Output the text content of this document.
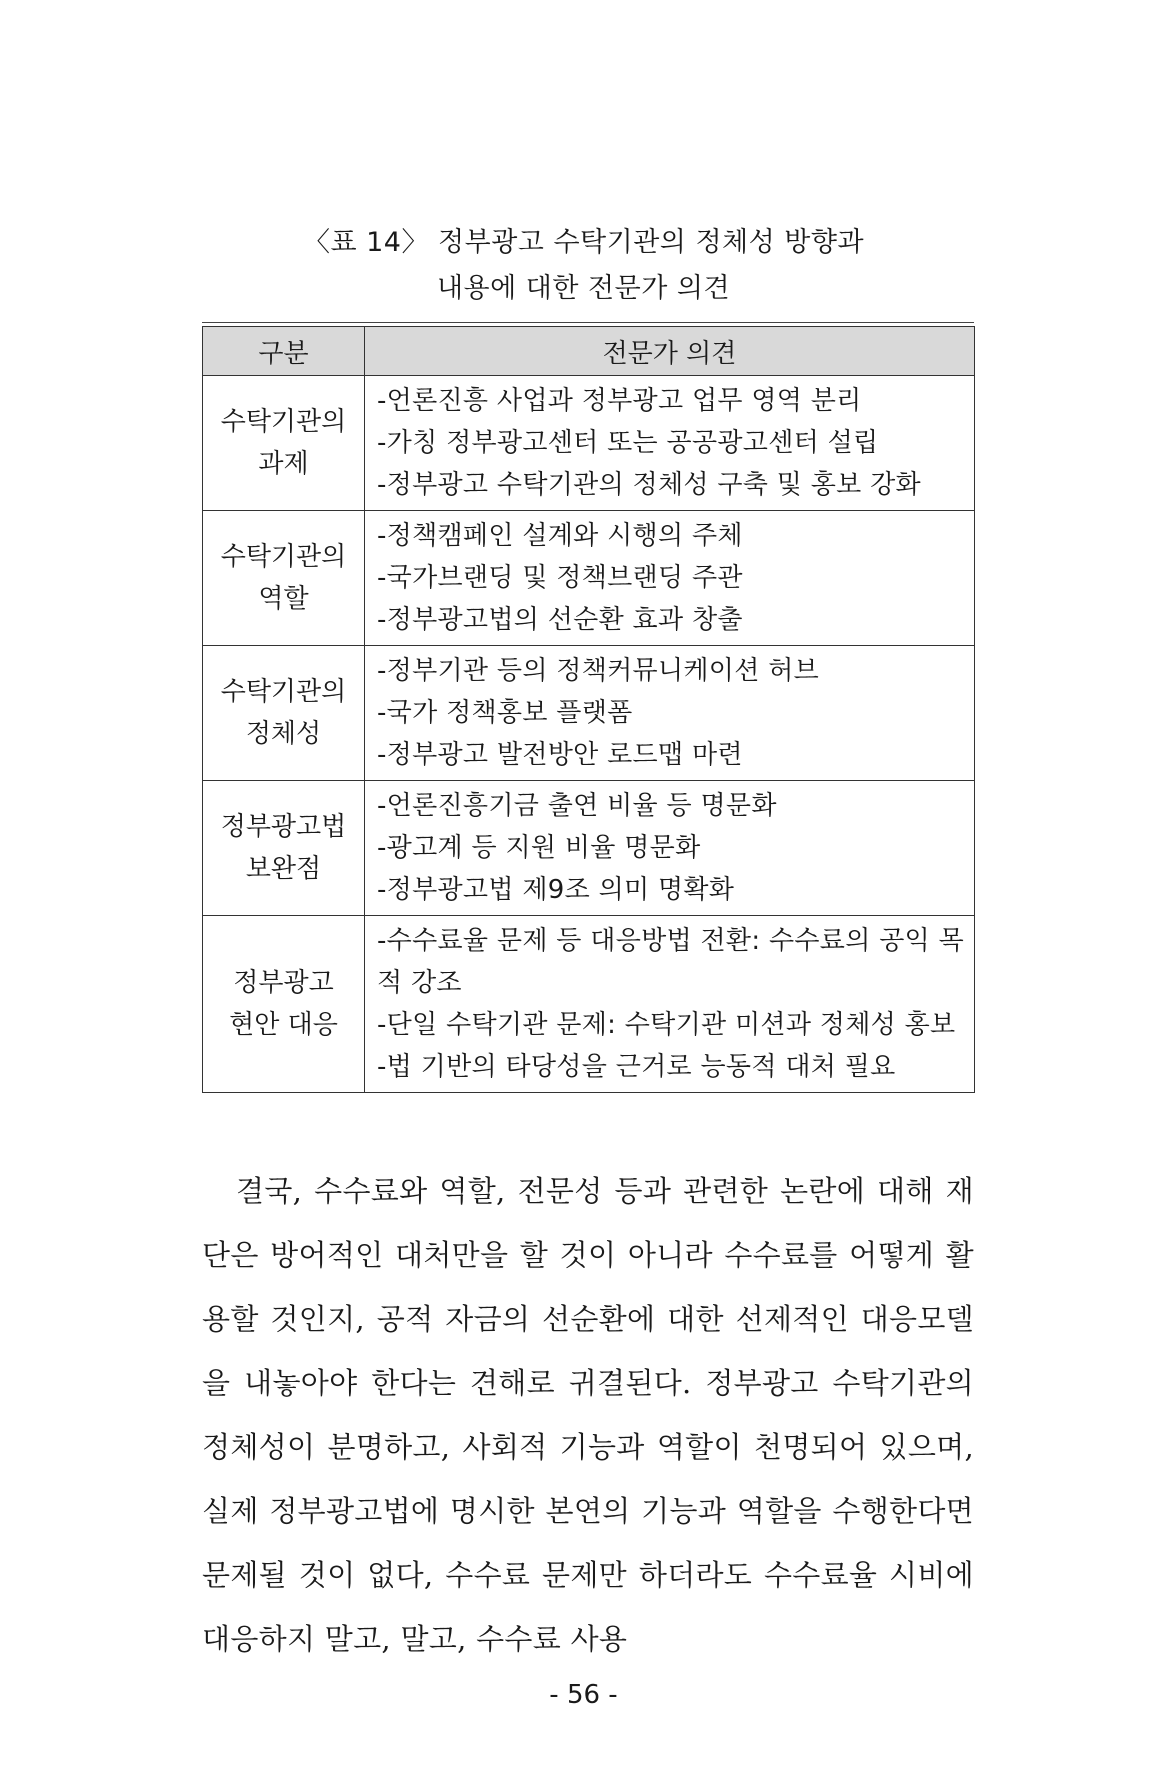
〈표 14〉 정부광고 수탁기관의 정체성 방향과
내용에 대한 전문가 의견
구분	전문가 의견
수탁기관의
과제	-언론진흥 사업과 정부광고 업무 영역 분리
-가칭 정부광고센터 또는 공공광고센터 설립
-정부광고 수탁기관의 정체성 구축 및 홍보 강화

수탁기관의
역할	-정책캠페인 설계와 시행의 주체
-국가브랜딩 및 정책브랜딩 주관
-정부광고법의 선순환 효과 창출

수탁기관의
정체성	-정부기관 등의 정책커뮤니케이션 허브
-국가 정책홍보 플랫폼
-정부광고 발전방안 로드맵 마련

정부광고법
보완점	-언론진흥기금 출연 비율 등 명문화
-광고계 등 지원 비율 명문화
-정부광고법 제9조 의미 명확화

정부광고
현안 대응	-수수료율 문제 등 대응방법 전환: 수수료의 공익 목적 강조
-단일 수탁기관 문제: 수탁기관 미션과 정체성 홍보
-법 기반의 타당성을 근거로 능동적 대처 필요

결국, 수수료와 역할, 전문성 등과 관련한 논란에 대해 재단은 방어적인 대처만을 할 것이 아니라 수수료를 어떻게 활용할 것인지, 공적 자금의 선순환에 대한 선제적인 대응모델을 내놓아야 한다는 견해로 귀결된다. 정부광고 수탁기관의 정체성이 분명하고, 사회적 기능과 역할이 천명되어 있으며, 실제 정부광고법에 명시한 본연의 기능과 역할을 수행한다면 문제될 것이 없다, 수수료 문제만 하더라도 수수료율 시비에 대응하지 말고, 말고, 수수료 사용

- 56 -
